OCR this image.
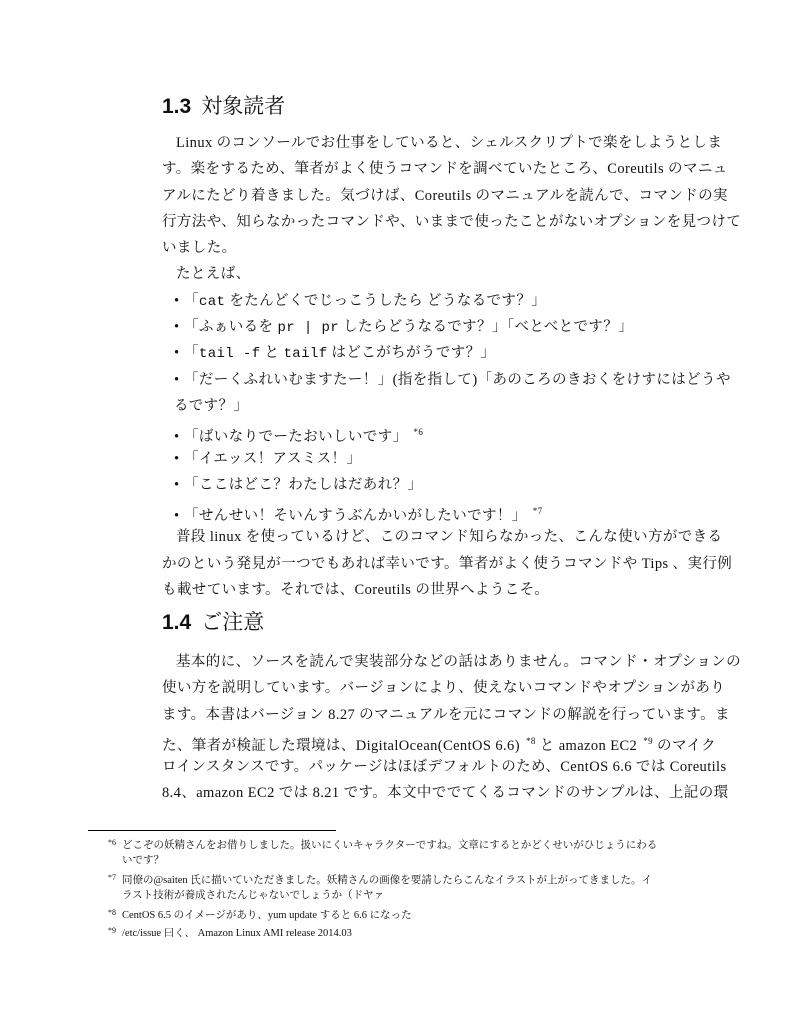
1.3 対象読者
Linux のコンソールでお仕事をしていると、シェルスクリプトで楽をしようとしま
す。楽をするため、筆者がよく使うコマンドを調べていたところ、Coreutils のマニュ
アルにたどり着きました。気づけば、Coreutils のマニュアルを読んで、コマンドの実
行方法や、知らなかったコマンドや、いままで使ったことがないオプションを見つけて
いました。
たとえば、
• 「cat をたんどくでじっこうしたら どうなるです？」
• 「ふぁいるを pr | pr したらどうなるです？」「べとべとです？」
• 「tail -f と tailf はどこがちがうです？」
• 「だーくふれいむますたー！」(指を指して)「あのころのきおくをけすにはどうや
るです？」
• 「ばいなりでーたおいしいです」 $^{*6}$
• 「イエッス！アスミス！」
• 「ここはどこ？わたしはだあれ？」
• 「せんせい！そいんすうぶんかいがしたいです！」 $^{*7}$
普段 linux を使っているけど、このコマンド知らなかった、こんな使い方ができる
かのという発見が一つでもあれば幸いです。筆者がよく使うコマンドや Tips 、実行例
も載せています。それでは、Coreutils の世界へようこそ。
1.4 ご注意
基本的に、ソースを読んで実装部分などの話はありません。コマンド・オプションの
使い方を説明しています。バージョンにより、使えないコマンドやオプションがあり
ます。本書はバージョン 8.27 のマニュアルを元にコマンドの解説を行っています。ま
た、筆者が検証した環境は、DigitalOcean(CentOS 6.6) $^{*8}$ と amazon EC2 $^{*9}$ のマイク
ロインスタンスです。パッケージはほぼデフォルトのため、CentOS 6.6 では Coreutils
8.4、amazon EC2 では 8.21 です。本文中ででてくるコマンドのサンプルは、上記の環
*6 どこぞの妖精さんをお借りしました。扱いにくいキャラクターですね。文章にするとかどくせいがひじょうにわる
いです？
*7 同僚の@saiten 氏に描いていただきました。妖精さんの画像を要請したらこんなイラストが上がってきました。イ
ラスト技術が養成されたんじゃないでしょうか（ドヤァ
*8 CentOS 6.5 のイメージがあり、yum update すると 6.6 になった
*9 /etc/issue 曰く、 Amazon Linux AMI release 2014.03
